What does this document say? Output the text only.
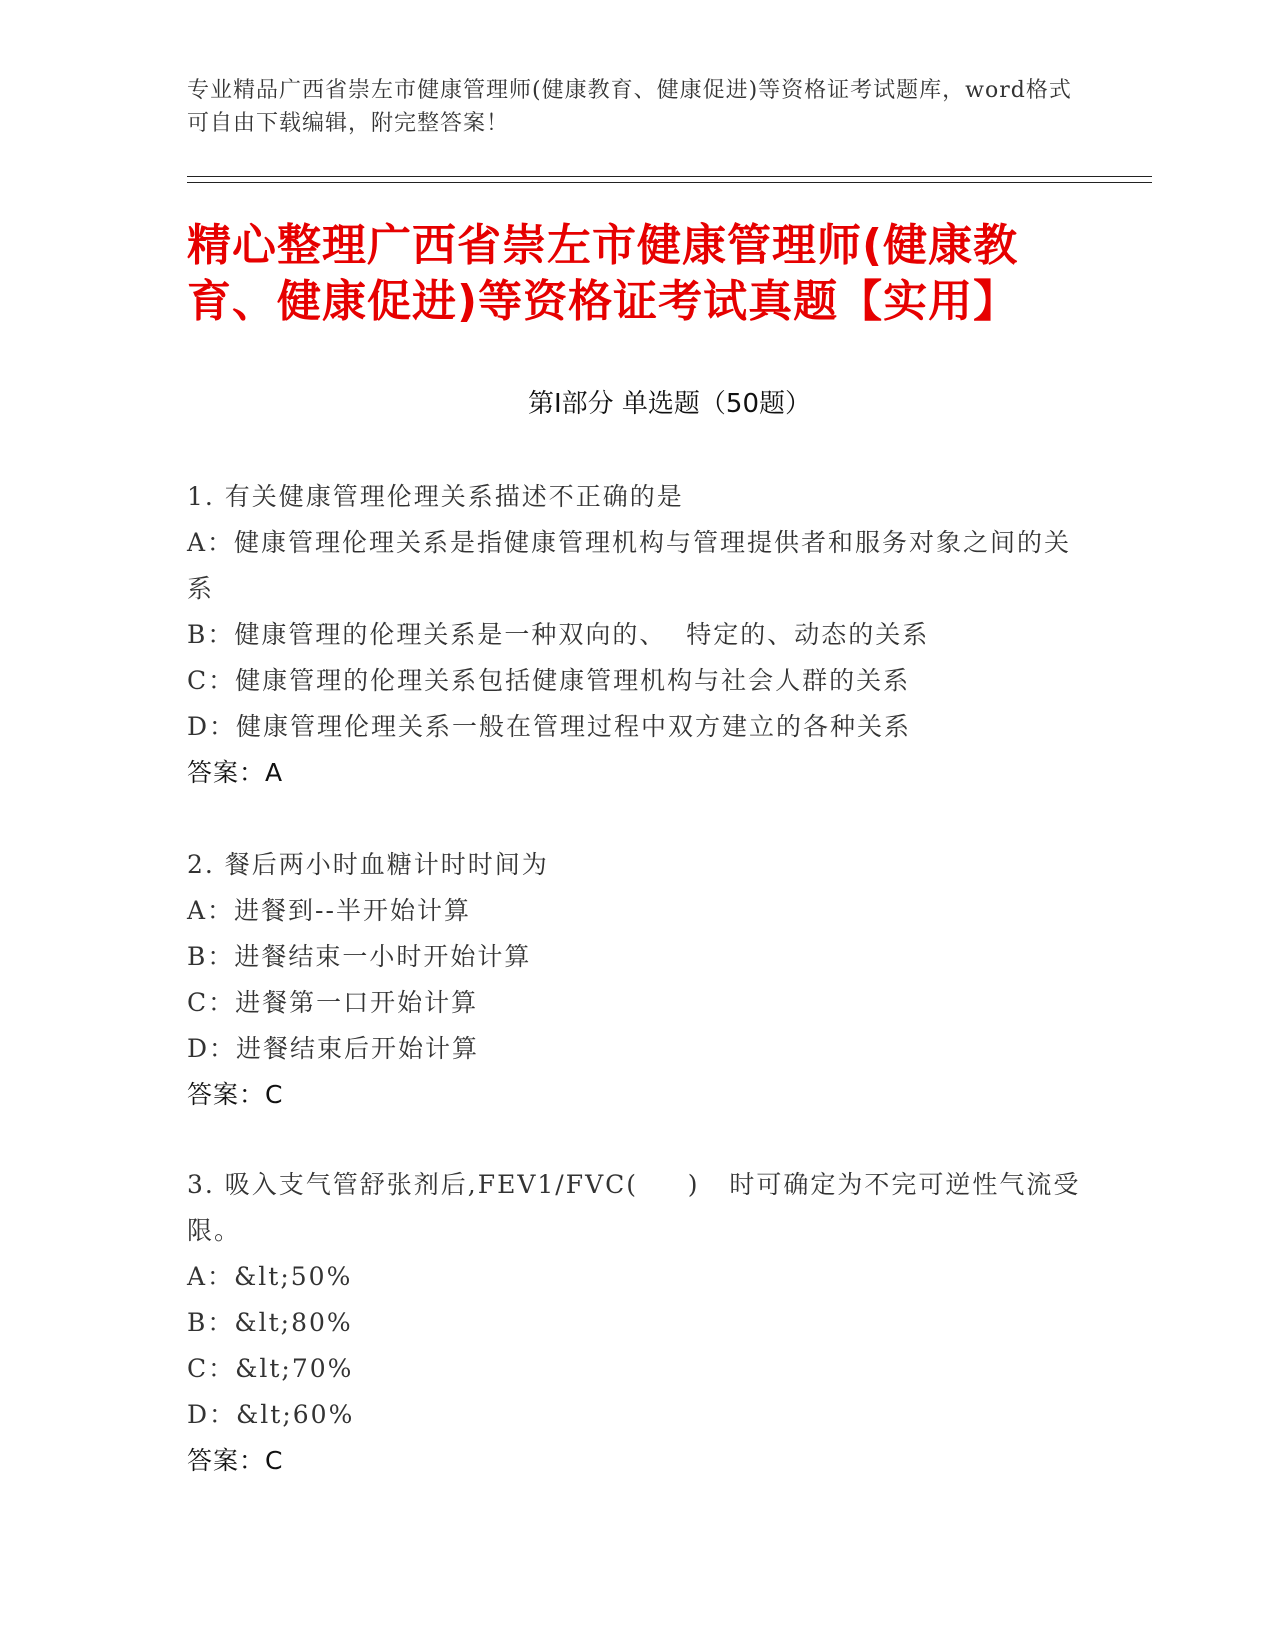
专业精品广西省崇左市健康管理师(健康教育、健康促进)等资格证考试题库，word格式可自由下载编辑，附完整答案！
精心整理广西省崇左市健康管理师(健康教育、健康促进)等资格证考试真题【实用】
第Ⅰ部分 单选题（50题）
1. 有关健康管理伦理关系描述不正确的是
A：健康管理伦理关系是指健康管理机构与管理提供者和服务对象之间的关系
B：健康管理的伦理关系是一种双向的、  特定的、动态的关系
C：健康管理的伦理关系包括健康管理机构与社会人群的关系
D：健康管理伦理关系一般在管理过程中双方建立的各种关系
答案：A
2. 餐后两小时血糖计时时间为
A：进餐到--半开始计算
B：进餐结束一小时开始计算
C：进餐第一口开始计算
D：进餐结束后开始计算
答案：C
3. 吸入支气管舒张剂后,FEV1/FVC(     )   时可确定为不完可逆性气流受限。
A：&lt;50%
B：&lt;80%
C：&lt;70%
D：&lt;60%
答案：C
